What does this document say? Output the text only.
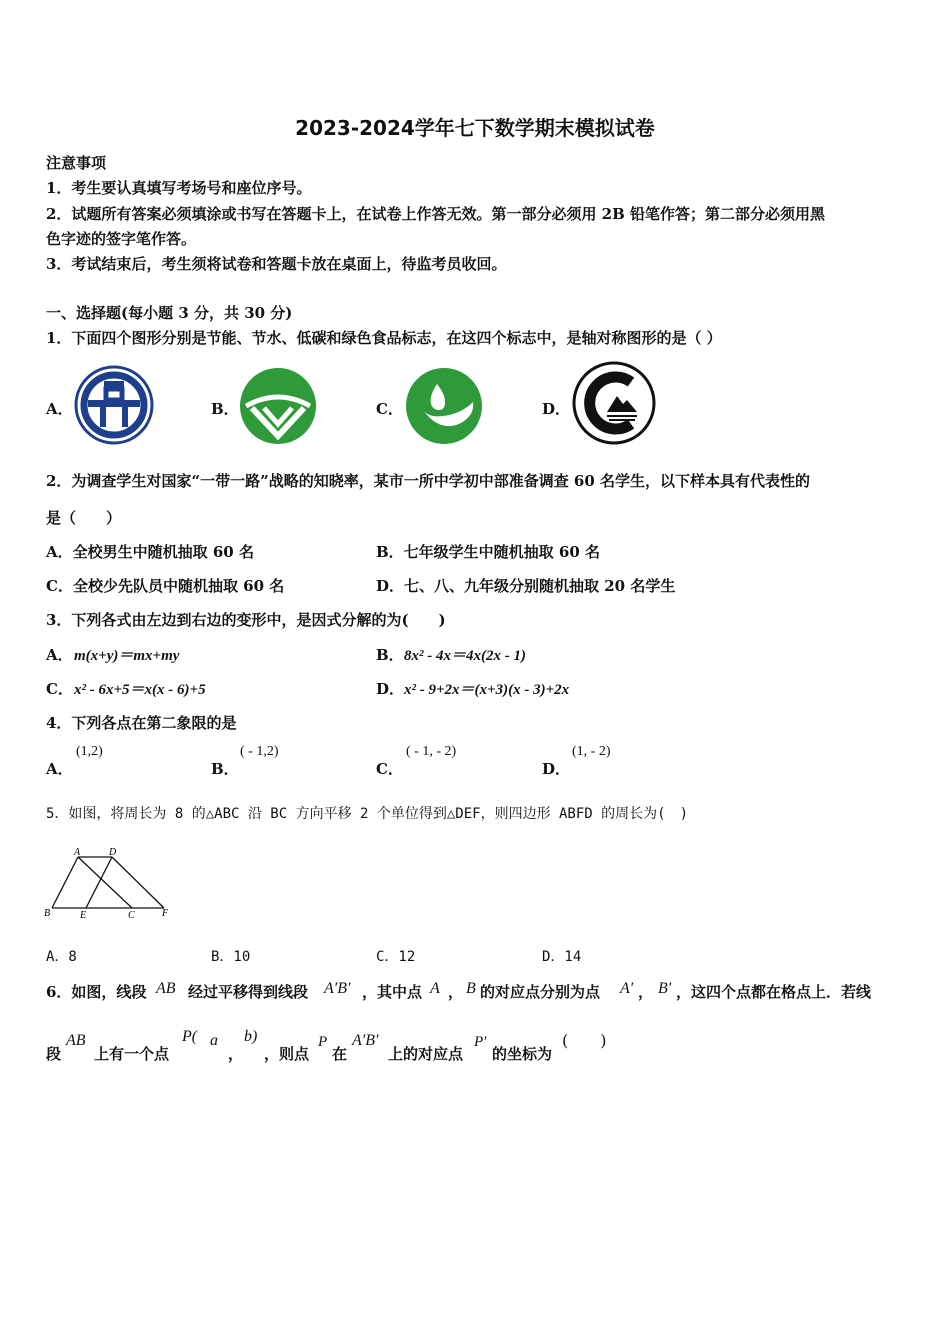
2023-2024学年七下数学期末模拟试卷
注意事项
1．考生要认真填写考场号和座位序号。
2．试题所有答案必须填涂或书写在答题卡上，在试卷上作答无效。第一部分必须用 2B 铅笔作答；第二部分必须用黑
色字迹的签字笔作答。
3．考试结束后，考生须将试卷和答题卡放在桌面上，待监考员收回。
一、选择题(每小题 3 分，共 30 分)
1．下面四个图形分别是节能、节水、低碳和绿色食品标志，在这四个标志中，是轴对称图形的是（ ）
A．	B．	C．	D．
2．为调查学生对国家“一带一路”战略的知晓率，某市一所中学初中部准备调查 60 名学生，以下样本具有代表性的
是（　　）
A．全校男生中随机抽取 60 名	B．七年级学生中随机抽取 60 名
C．全校少先队员中随机抽取 60 名	D．七、八、九年级分别随机抽取 20 名学生
3．下列各式由左边到右边的变形中，是因式分解的为(　　)
A． m(x+y)＝mx+my	B． 8x² - 4x＝4x(2x - 1)
C． x² - 6x+5＝x(x - 6)+5	D． x² - 9+2x＝(x+3)(x - 3)+2x
4．下列各点在第二象限的是
A．
(1,2)
B．
( - 1,2)
C．
( - 1, - 2)
D．
(1, - 2)
5．如图，将周长为 8 的△ABC 沿 BC 方向平移 2 个单位得到△DEF，则四边形 ABFD 的周长为(　)
A	D
B	E	C	F
A．8	B．10	C．12	D．14
6．如图，线段 AB 经过平移得到线段 A′B′ ，其中点 A ， B 的对应点分别为点 A′ ， B′ ，这四个点都在格点上．若线
段
AB
上有一个点
P( a
，
b)
，则点
P
在
A′B′
上的对应点
P′
的坐标为
(　　)
